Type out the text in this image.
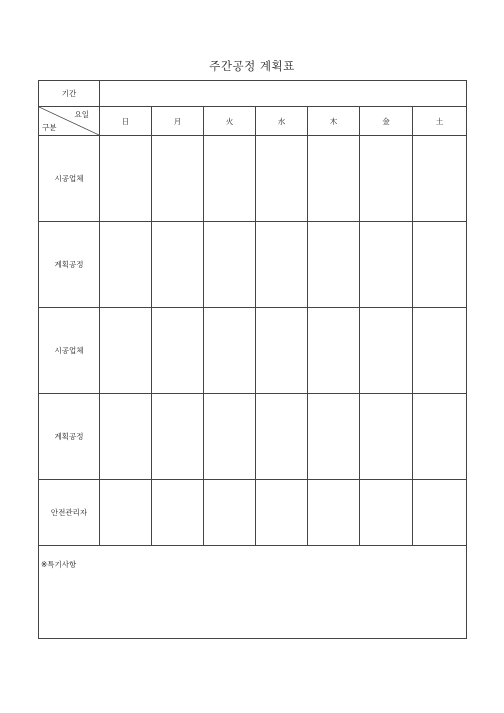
주간공정 계획표
기간							

요일
구분	日	月	火	水	木	金	土
시공업체							
계획공정							
시공업체							
계획공정							
안전관리자							
※특기사항							
